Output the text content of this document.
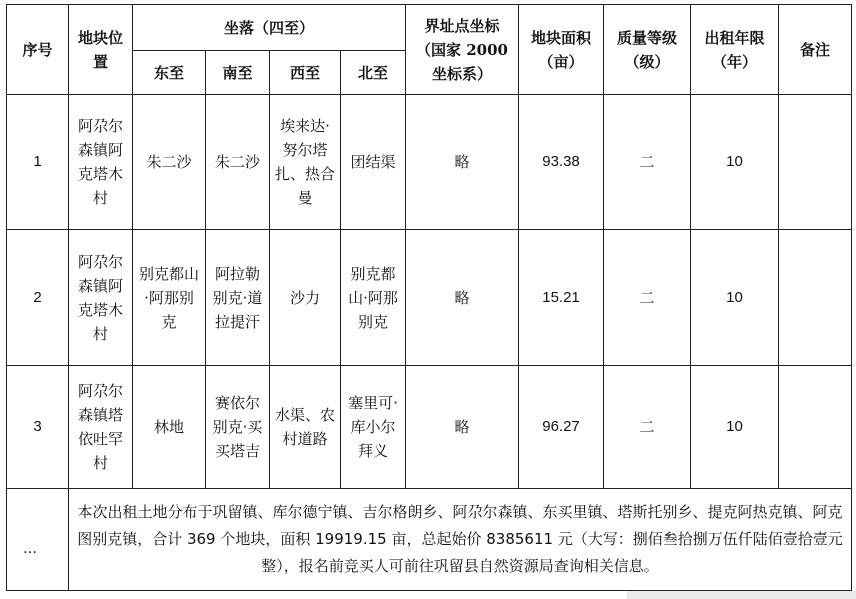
序号	地块位置	坐落（四至）				界址点坐标（国家 2000 坐标系）	地块面积（亩）	质量等级（级）	出租年限（年）	备注
		东至	南至	西至	北至					
1	阿尕尔森镇阿克塔木村	朱二沙	朱二沙	埃来达·努尔塔扎、热合曼	团结渠	略	93.38	二	10	
2	阿尕尔森镇阿克塔木村	别克都山·阿那别克	阿拉勒别克·道拉提汗	沙力	别克都山·阿那别克	略	15.21	二	10	
3	阿尕尔森镇塔依吐罕村	林地	赛依尔别克·买买塔吉	水渠、农村道路	塞里可·库小尔拜义	略	96.27	二	10	

…	本次出租土地分布于巩留镇、库尔德宁镇、吉尔格朗乡、阿尕尔森镇、东买里镇、塔斯托别乡、提克阿热克镇、阿克图别克镇，合计 369 个地块，面积 19919.15 亩，总起始价 8385611 元（大写：捌佰叁拾捌万伍仟陆佰壹拾壹元整），报名前竞买人可前往巩留县自然资源局查询相关信息。									
